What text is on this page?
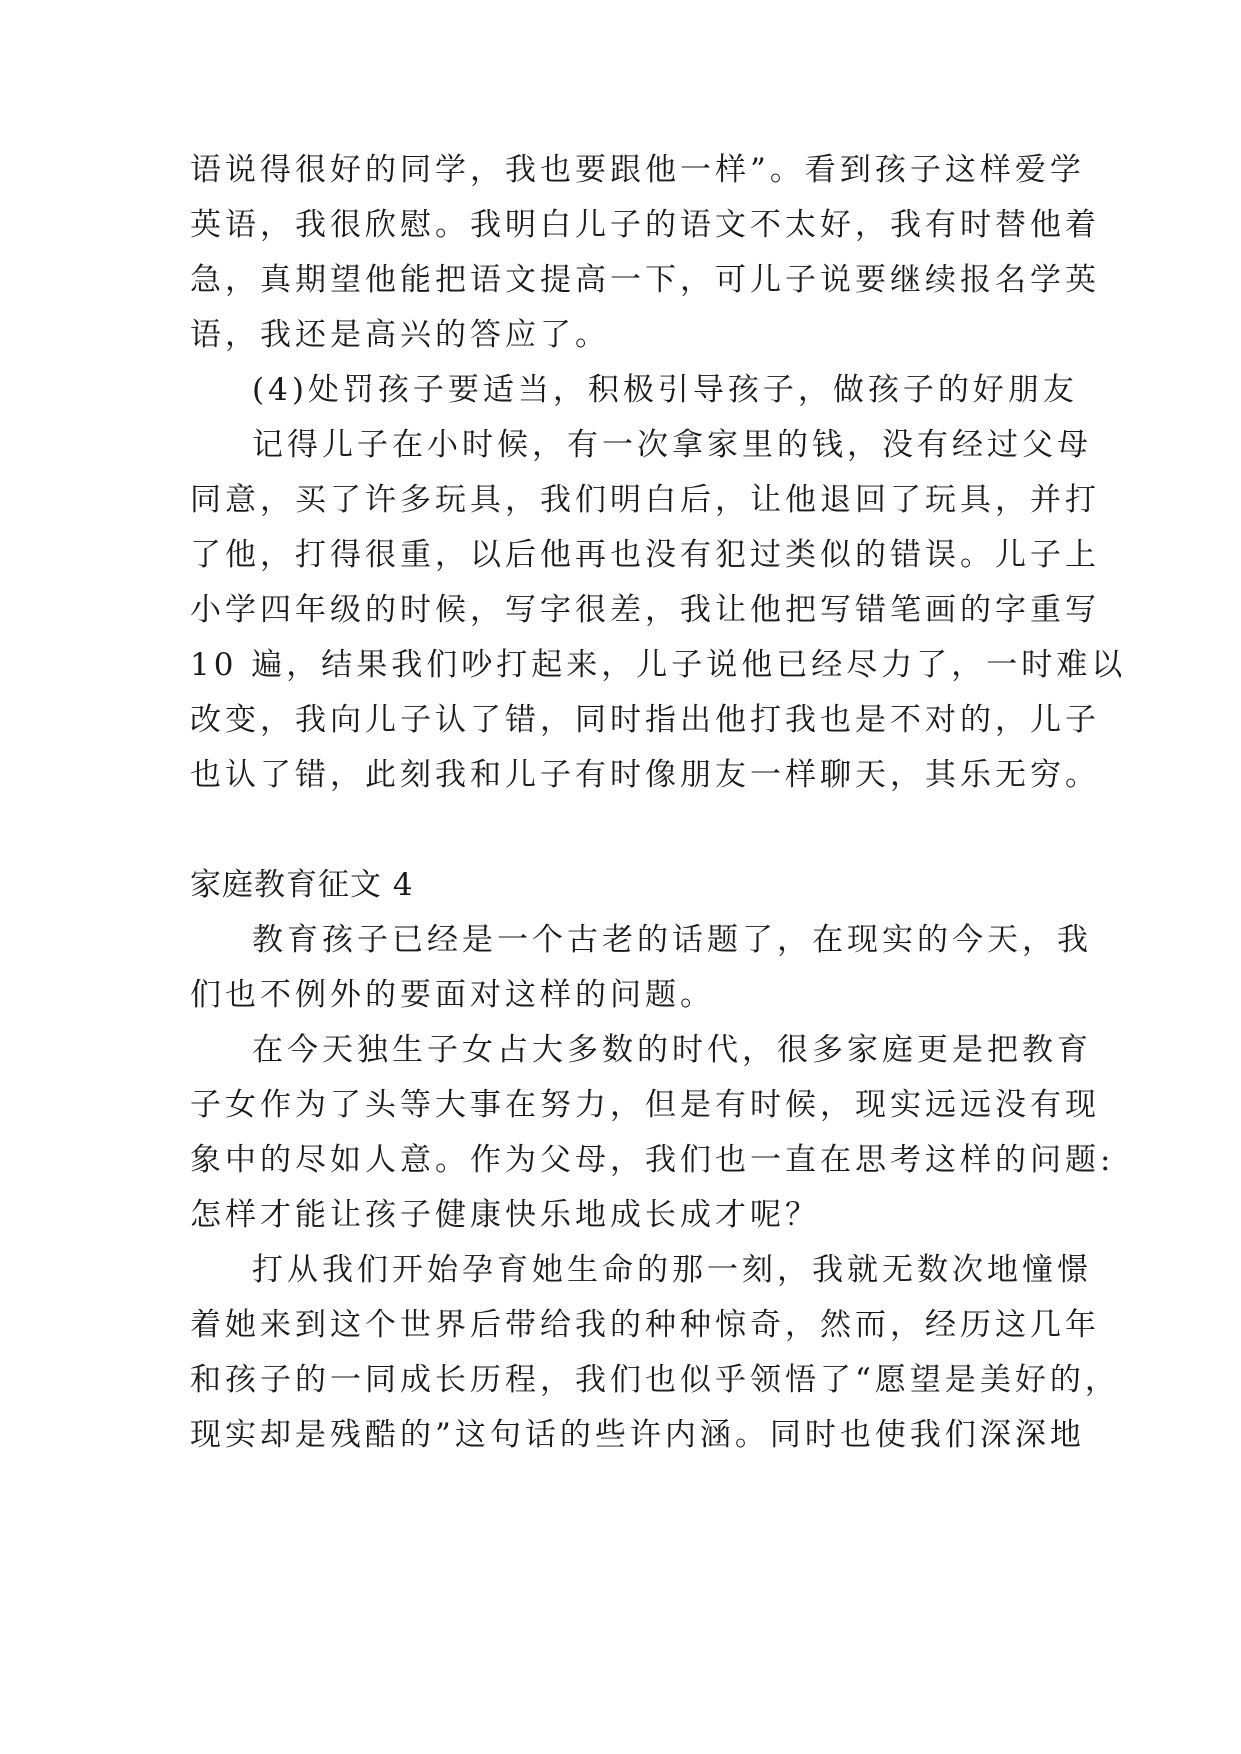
语说得很好的同学，我也要跟他一样”。看到孩子这样爱学
英语，我很欣慰。我明白儿子的语文不太好，我有时替他着
急，真期望他能把语文提高一下，可儿子说要继续报名学英
语，我还是高兴的答应了。
(4)处罚孩子要适当，积极引导孩子，做孩子的好朋友
记得儿子在小时候，有一次拿家里的钱，没有经过父母
同意，买了许多玩具，我们明白后，让他退回了玩具，并打
了他，打得很重，以后他再也没有犯过类似的错误。儿子上
小学四年级的时候，写字很差，我让他把写错笔画的字重写
10 遍，结果我们吵打起来，儿子说他已经尽力了，一时难以
改变，我向儿子认了错，同时指出他打我也是不对的，儿子
也认了错，此刻我和儿子有时像朋友一样聊天，其乐无穷。
家庭教育征文 4
教育孩子已经是一个古老的话题了，在现实的今天，我
们也不例外的要面对这样的问题。
在今天独生子女占大多数的时代，很多家庭更是把教育
子女作为了头等大事在努力，但是有时候，现实远远没有现
象中的尽如人意。作为父母，我们也一直在思考这样的问题:
怎样才能让孩子健康快乐地成长成才呢？
打从我们开始孕育她生命的那一刻，我就无数次地憧憬
着她来到这个世界后带给我的种种惊奇，然而，经历这几年
和孩子的一同成长历程，我们也似乎领悟了“愿望是美好的，
现实却是残酷的”这句话的些许内涵。同时也使我们深深地
